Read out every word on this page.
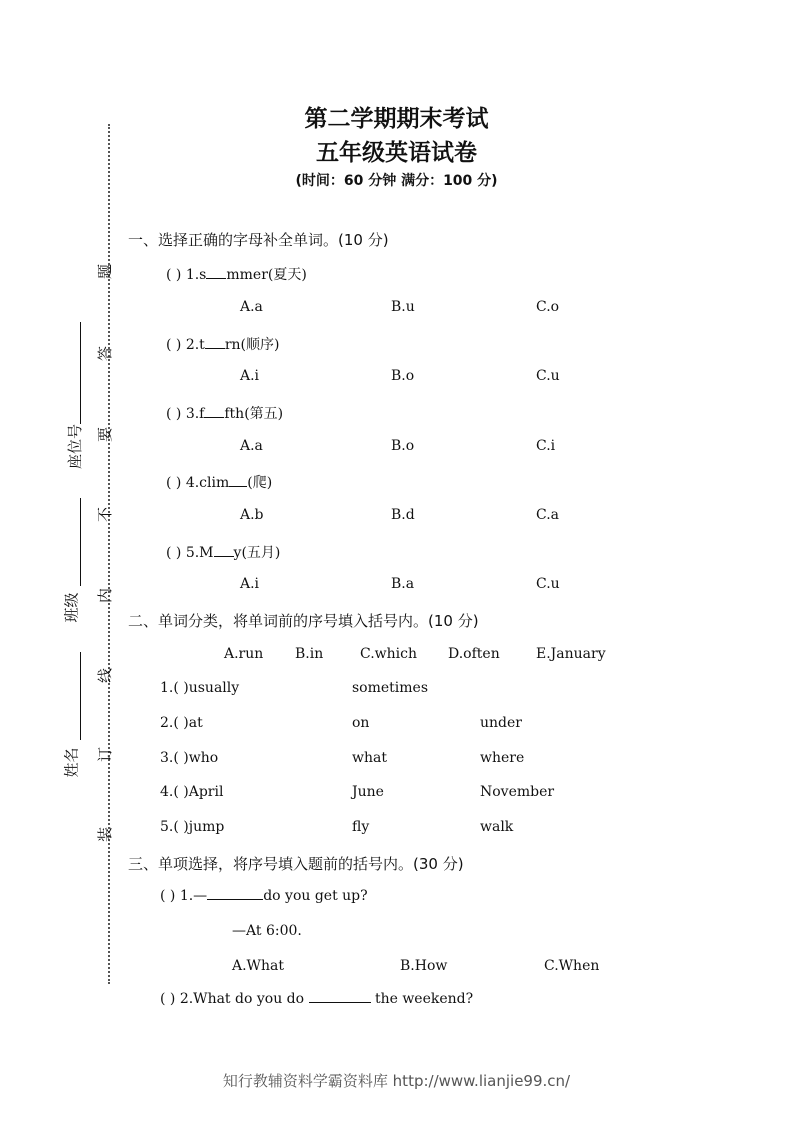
第二学期期末考试
五年级英语试卷
(时间：60 分钟 满分：100 分)
座位号
班级
姓名
题
答
要
不
内
线
订
装
一、选择正确的字母补全单词。(10 分)
( ) 1.s mmer(夏天)
A.a	B.u	C.o
( ) 2.t rn(顺序)
A.i	B.o	C.u
( ) 3.f fth(第五)
A.a	B.o	C.i
( ) 4.clim (爬)
A.b	B.d	C.a
( ) 5.M y(五月)
A.i	B.a	C.u
二、单词分类，将单词前的序号填入括号内。(10 分)
A.run B.in	C.which D.often	E.January
1.( )usually	sometimes
2.( )at	on	under
3.( )who	what	where
4.( )April	June	November
5.( )jump	fly	walk
三、单项选择，将序号填入题前的括号内。(30 分)
( ) 1.—	do you get up?
—At 6:00.
A.What	B.How	C.When
( ) 2.What do you do	the weekend?
知行教辅资料学霸资料库 http://www.lianjie99.cn/
